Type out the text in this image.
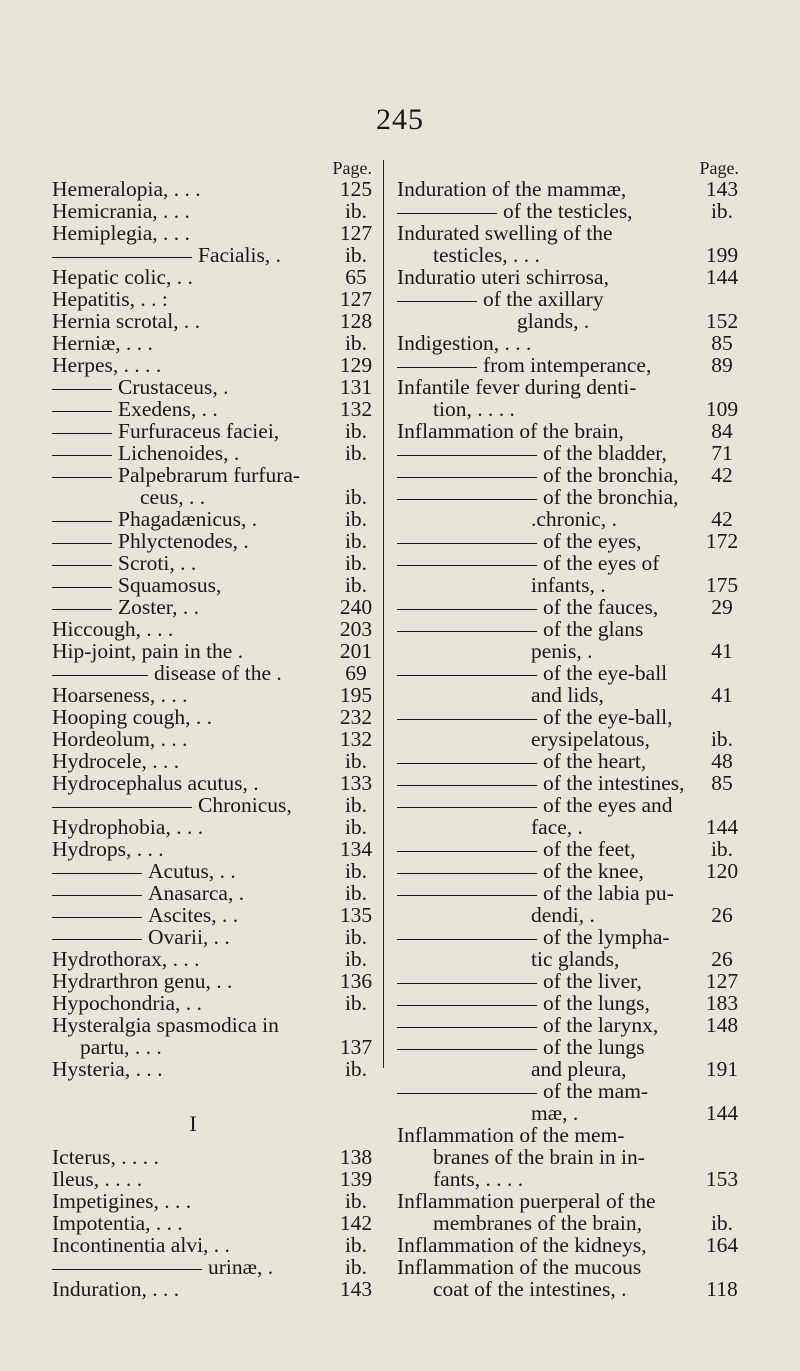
245
Page.
Hemeralopia, . . .	125
Hemicrania, . . .	ib.
Hemiplegia, . . .	127
Facialis, .	ib.
Hepatic colic, . .	65
Hepatitis, . . :	127
Hernia scrotal, . .	128
Herniæ, . . .	ib.
Herpes, . . . .	129
Crustaceus, .	131
Exedens, . .	132
Furfuraceus faciei,	ib.
Lichenoides, .	ib.
Palpebrarum furfura-
ceus, . .	ib.
Phagadænicus, .	ib.
Phlyctenodes, .	ib.
Scroti, . .	ib.
Squamosus,	ib.
Zoster, . .	240
Hiccough, . . .	203
Hip-joint, pain in the .	201
disease of the .	69
Hoarseness, . . .	195
Hooping cough, . .	232
Hordeolum, . . .	132
Hydrocele, . . .	ib.
Hydrocephalus acutus, .	133
Chronicus,	ib.
Hydrophobia, . . .	ib.
Hydrops, . . .	134
Acutus, . .	ib.
Anasarca, .	ib.
Ascites, . .	135
Ovarii, . .	ib.
Hydrothorax, . . .	ib.
Hydrarthron genu, . .	136
Hypochondria, . .	ib.
Hysteralgia spasmodica in
partu, . . .	137
Hysteria, . . .	ib.
I
Icterus, . . . .	138
Ileus, . . . .	139
Impetigines, . . .	ib.
Impotentia, . . .	142
Incontinentia alvi, . .	ib.
urinæ, .	ib.
Induration, . . .	143
Page.
Induration of the mammæ,	143
of the testicles,	ib.
Indurated swelling of the
testicles, . . .	199
Induratio uteri schirrosa,	144
of the axillary
glands, .	152
Indigestion, . . .	85
from intemperance,	89
Infantile fever during denti-
tion, . . . .	109
Inflammation of the brain,	84
of the bladder,	71
of the bronchia,	42
of the bronchia,
.chronic, .	42
of the eyes,	172
of the eyes of
infants, .	175
of the fauces,	29
of the glans
penis, .	41
of the eye-ball
and lids,	41
of the eye-ball,
erysipelatous,	ib.
of the heart,	48
of the intestines,	85
of the eyes and
face, .	144
of the feet,	ib.
of the knee,	120
of the labia pu-
dendi, .	26
of the lympha-
tic glands,	26
of the liver,	127
of the lungs,	183
of the larynx,	148
of the lungs
and pleura,	191
of the mam-
mæ, .	144
Inflammation of the mem-
branes of the brain in in-
fants, . . . .	153
Inflammation puerperal of the
membranes of the brain,	ib.
Inflammation of the kidneys,	164
Inflammation of the mucous
coat of the intestines, .	118
